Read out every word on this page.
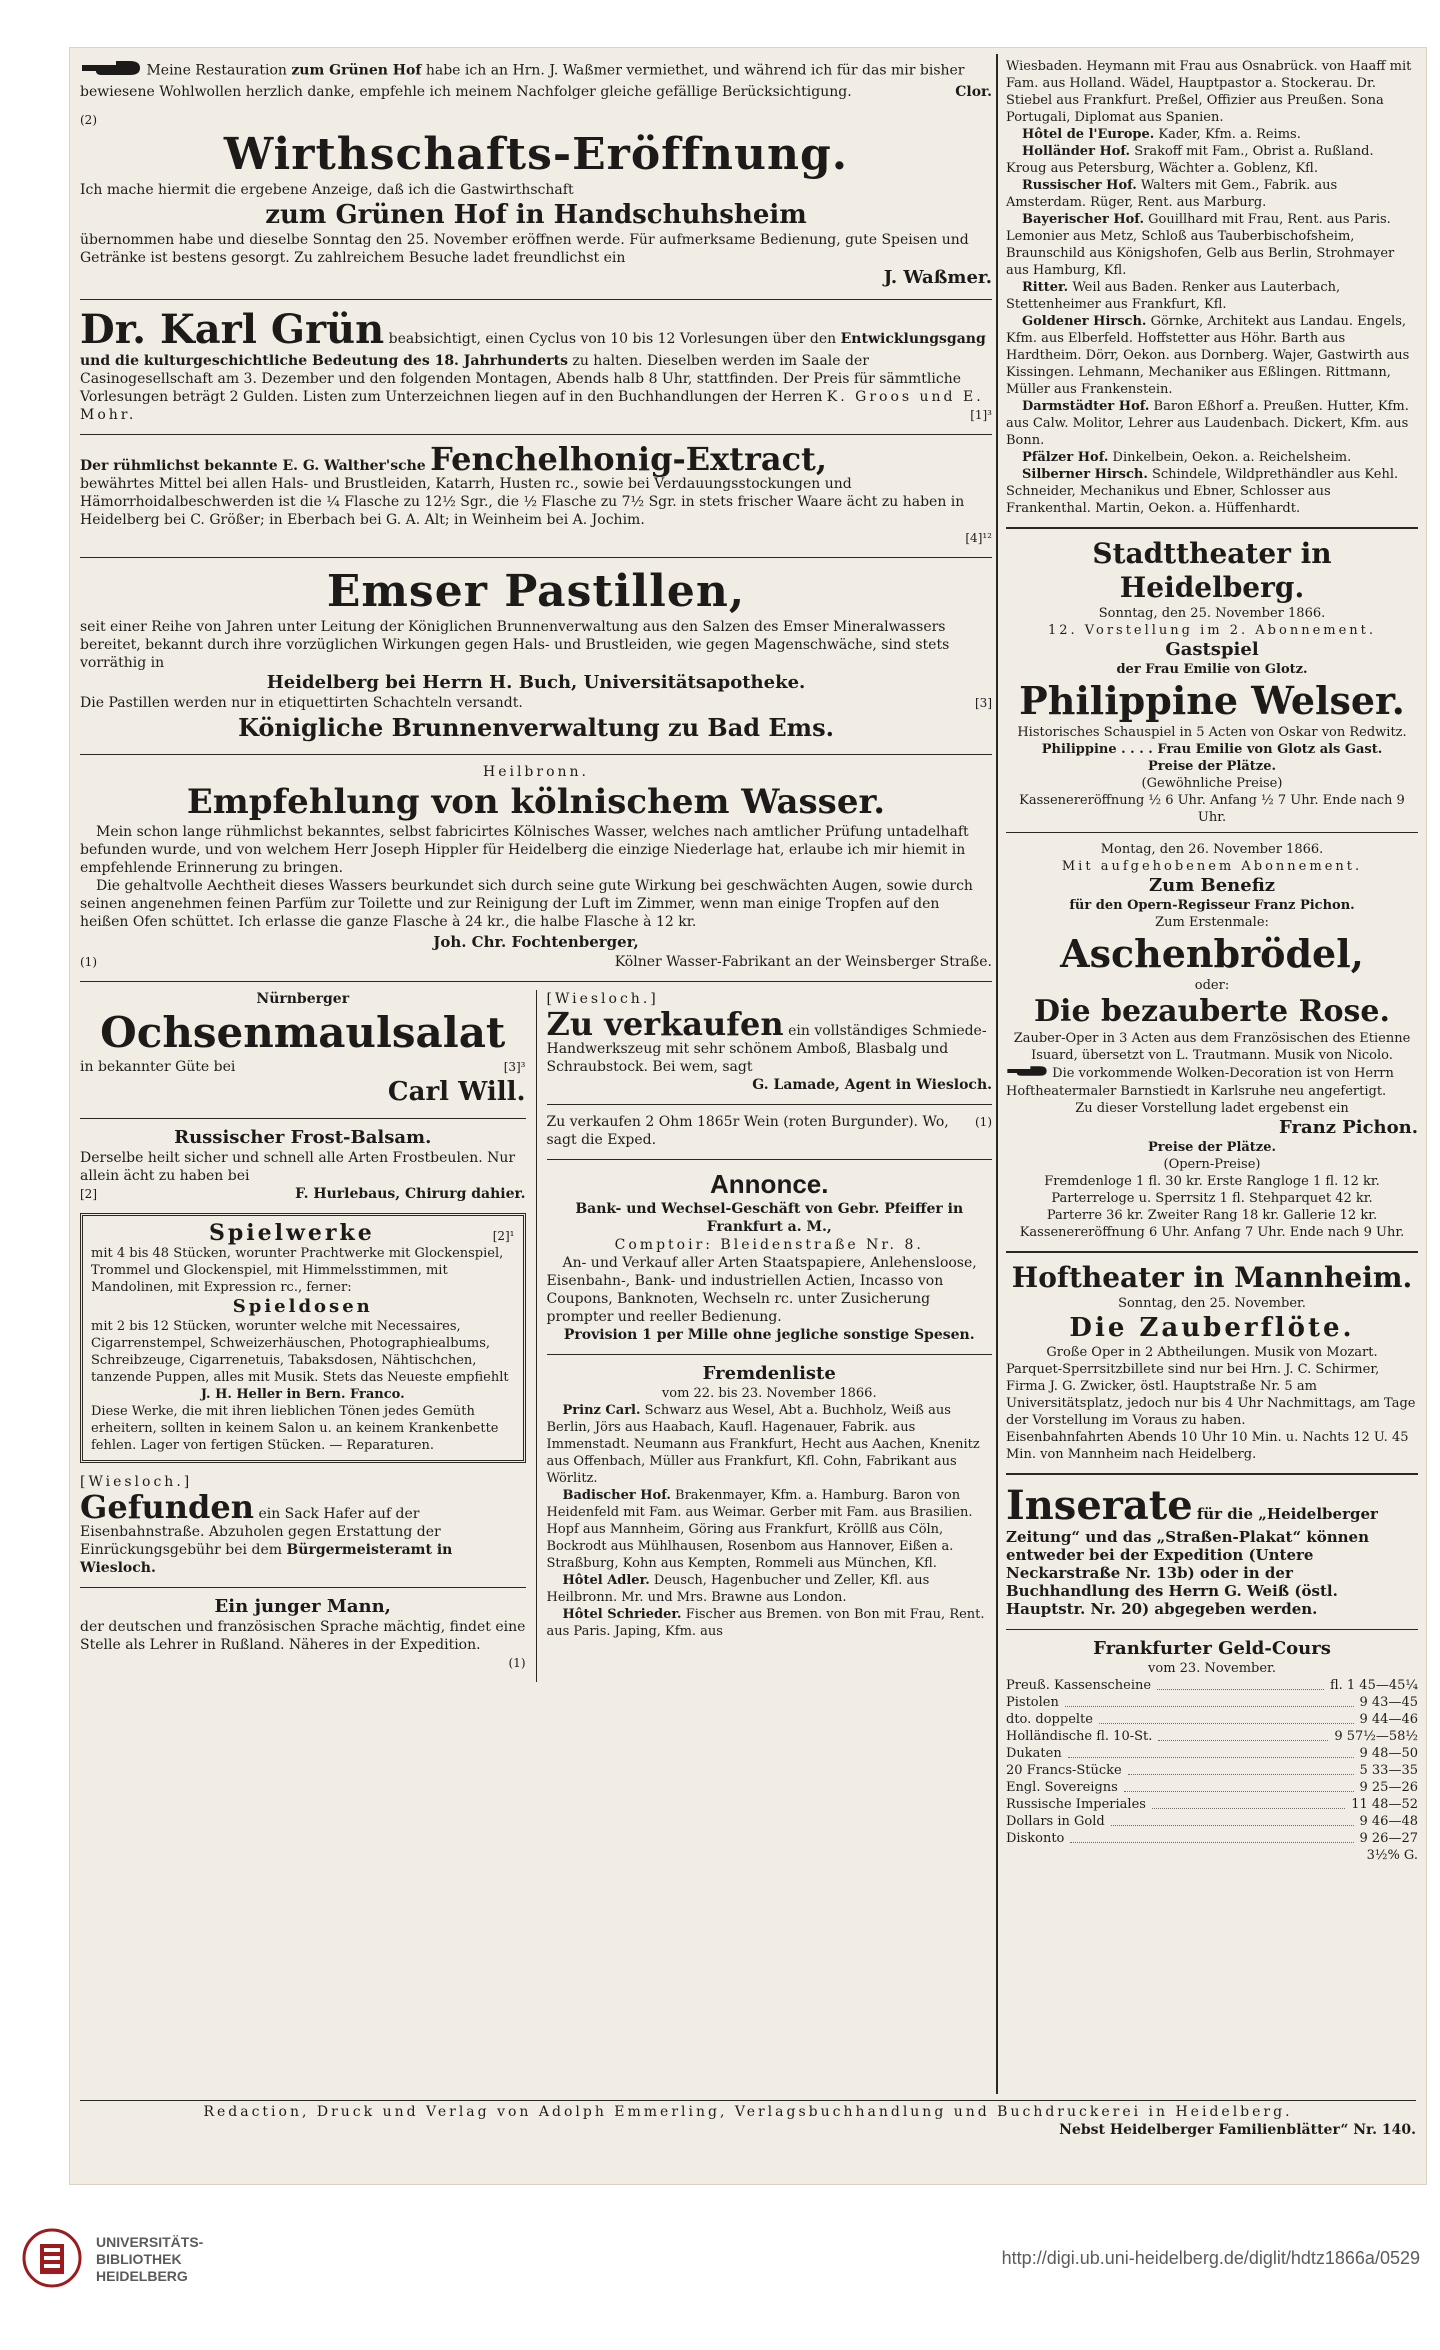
Meine Restauration zum Grünen Hof habe ich an Hrn. J. Waßmer vermiethet, und während ich für das mir bisher bewiesene Wohlwollen herzlich danke, empfehle ich meinem Nachfolger gleiche gefällige Berücksichtigung.	Clor.
(2)
Wirthschafts-Eröffnung.
Ich mache hiermit die ergebene Anzeige, daß ich die Gastwirthschaft
zum Grünen Hof in Handschuhsheim
übernommen habe und dieselbe Sonntag den 25. November eröffnen werde. Für aufmerksame Bedienung, gute Speisen und Getränke ist bestens gesorgt. Zu zahlreichem Besuche ladet freundlichst ein
J. Waßmer.
Dr. Karl Grün beabsichtigt, einen Cyclus von 10 bis 12 Vorlesungen über den Entwicklungsgang und die kulturgeschichtliche Bedeutung des 18. Jahrhunderts zu halten. Dieselben werden im Saale der Casinogesellschaft am 3. Dezember und den folgenden Montagen, Abends halb 8 Uhr, stattfinden. Der Preis für sämmtliche Vorlesungen beträgt 2 Gulden. Listen zum Unterzeichnen liegen auf in den Buchhandlungen der Herren K. Groos und E. Mohr.	[1]³
Der rühmlichst bekannte E. G. Walther'sche Fenchelhonig-Extract,
bewährtes Mittel bei allen Hals- und Brustleiden, Katarrh, Husten rc., sowie bei Verdauungsstockungen und Hämorrhoidalbeschwerden ist die ¼ Flasche zu 12½ Sgr., die ½ Flasche zu 7½ Sgr. in stets frischer Waare ächt zu haben in Heidelberg bei C. Größer; in Eberbach bei G. A. Alt; in Weinheim bei A. Jochim.
[4]¹²
Emser Pastillen,
seit einer Reihe von Jahren unter Leitung der Königlichen Brunnenverwaltung aus den Salzen des Emser Mineralwassers bereitet, bekannt durch ihre vorzüglichen Wirkungen gegen Hals- und Brustleiden, wie gegen Magenschwäche, sind stets vorräthig in
Heidelberg bei Herrn H. Buch, Universitätsapotheke.
Die Pastillen werden nur in etiquettirten Schachteln versandt.	[3]
Königliche Brunnenverwaltung zu Bad Ems.
Heilbronn.
Empfehlung von kölnischem Wasser.
Mein schon lange rühmlichst bekanntes, selbst fabricirtes Kölnisches Wasser, welches nach amtlicher Prüfung untadelhaft befunden wurde, und von welchem Herr Joseph Hippler für Heidelberg die einzige Niederlage hat, erlaube ich mir hiemit in empfehlende Erinnerung zu bringen.
Die gehaltvolle Aechtheit dieses Wassers beurkundet sich durch seine gute Wirkung bei geschwächten Augen, sowie durch seinen angenehmen feinen Parfüm zur Toilette und zur Reinigung der Luft im Zimmer, wenn man einige Tropfen auf den heißen Ofen schüttet. Ich erlasse die ganze Flasche à 24 kr., die halbe Flasche à 12 kr.
Joh. Chr. Fochtenberger,
(1)	Kölner Wasser-Fabrikant an der Weinsberger Straße.
Nürnberger
Ochsenmaulsalat
in bekannter Güte bei	[3]³
Carl Will.
Russischer Frost-Balsam.
Derselbe heilt sicher und schnell alle Arten Frostbeulen. Nur allein ächt zu haben bei
[2]	F. Hurlebaus, Chirurg dahier.
Spielwerke	[2]¹
mit 4 bis 48 Stücken, worunter Prachtwerke mit Glockenspiel, Trommel und Glockenspiel, mit Himmelsstimmen, mit Mandolinen, mit Expression rc., ferner:
Spieldosen
mit 2 bis 12 Stücken, worunter welche mit Necessaires, Cigarrenstempel, Schweizerhäuschen, Photographiealbums, Schreibzeuge, Cigarrenetuis, Tabaksdosen, Nähtischchen, tanzende Puppen, alles mit Musik. Stets das Neueste empfiehlt
J. H. Heller in Bern. Franco.
Diese Werke, die mit ihren lieblichen Tönen jedes Gemüth erheitern, sollten in keinem Salon u. an keinem Krankenbette fehlen. Lager von fertigen Stücken. — Reparaturen.
[Wiesloch.]
Gefunden ein Sack Hafer auf der Eisenbahnstraße. Abzuholen gegen Erstattung der Einrückungsgebühr bei dem Bürgermeisteramt in Wiesloch.
Ein junger Mann,
der deutschen und französischen Sprache mächtig, findet eine Stelle als Lehrer in Rußland. Näheres in der Expedition.
(1)
[Wiesloch.]
Zu verkaufen ein vollständiges Schmiede-Handwerkszeug mit sehr schönem Amboß, Blasbalg und Schraubstock. Bei wem, sagt
G. Lamade, Agent in Wiesloch.
Zu verkaufen 2 Ohm 1865r Wein (roten Burgunder). Wo, sagt die Exped.
(1)
Annonce.
Bank- und Wechsel-Geschäft von Gebr. Pfeiffer in Frankfurt a. M.,
Comptoir: Bleidenstraße Nr. 8.
An- und Verkauf aller Arten Staatspapiere, Anlehensloose, Eisenbahn-, Bank- und industriellen Actien, Incasso von Coupons, Banknoten, Wechseln rc. unter Zusicherung prompter und reeller Bedienung.
Provision 1 per Mille ohne jegliche sonstige Spesen.
Fremdenliste
vom 22. bis 23. November 1866.
Prinz Carl. Schwarz aus Wesel, Abt a. Buchholz, Weiß aus Berlin, Jörs aus Haabach, Kaufl. Hagenauer, Fabrik. aus Immenstadt. Neumann aus Frankfurt, Hecht aus Aachen, Knenitz aus Offenbach, Müller aus Frankfurt, Kfl. Cohn, Fabrikant aus Wörlitz.
Badischer Hof. Brakenmayer, Kfm. a. Hamburg. Baron von Heidenfeld mit Fam. aus Weimar. Gerber mit Fam. aus Brasilien. Hopf aus Mannheim, Göring aus Frankfurt, Kröllß aus Cöln, Bockrodt aus Mühlhausen, Rosenbom aus Hannover, Eißen a. Straßburg, Kohn aus Kempten, Rommeli aus München, Kfl.
Hôtel Adler. Deusch, Hagenbucher und Zeller, Kfl. aus Heilbronn. Mr. und Mrs. Brawne aus London.
Hôtel Schrieder. Fischer aus Bremen. von Bon mit Frau, Rent. aus Paris. Japing, Kfm. aus
Wiesbaden. Heymann mit Frau aus Osnabrück. von Haaff mit Fam. aus Holland. Wädel, Hauptpastor a. Stockerau. Dr. Stiebel aus Frankfurt. Preßel, Offizier aus Preußen. Sona Portugali, Diplomat aus Spanien.
Hôtel de l'Europe. Kader, Kfm. a. Reims.
Holländer Hof. Srakoff mit Fam., Obrist a. Rußland. Kroug aus Petersburg, Wächter a. Goblenz, Kfl.
Russischer Hof. Walters mit Gem., Fabrik. aus Amsterdam. Rüger, Rent. aus Marburg.
Bayerischer Hof. Gouillhard mit Frau, Rent. aus Paris. Lemonier aus Metz, Schloß aus Tauberbischofsheim, Braunschild aus Königshofen, Gelb aus Berlin, Strohmayer aus Hamburg, Kfl.
Ritter. Weil aus Baden. Renker aus Lauterbach, Stettenheimer aus Frankfurt, Kfl.
Goldener Hirsch. Görnke, Architekt aus Landau. Engels, Kfm. aus Elberfeld. Hoffstetter aus Höhr. Barth aus Hardtheim. Dörr, Oekon. aus Dornberg. Wajer, Gastwirth aus Kissingen. Lehmann, Mechaniker aus Eßlingen. Rittmann, Müller aus Frankenstein.
Darmstädter Hof. Baron Eßhorf a. Preußen. Hutter, Kfm. aus Calw. Molitor, Lehrer aus Laudenbach. Dickert, Kfm. aus Bonn.
Pfälzer Hof. Dinkelbein, Oekon. a. Reichelsheim.
Silberner Hirsch. Schindele, Wildprethändler aus Kehl. Schneider, Mechanikus und Ebner, Schlosser aus Frankenthal. Martin, Oekon. a. Hüffenhardt.
Stadttheater in Heidelberg.
Sonntag, den 25. November 1866.
12. Vorstellung im 2. Abonnement.
Gastspiel
der Frau Emilie von Glotz.
Philippine Welser.
Historisches Schauspiel in 5 Acten von Oskar von Redwitz.
Philippine . . . . Frau Emilie von Glotz als Gast.
Preise der Plätze.
(Gewöhnliche Preise)
Kassenereröffnung ½ 6 Uhr. Anfang ½ 7 Uhr. Ende nach 9 Uhr.
Montag, den 26. November 1866.
Mit aufgehobenem Abonnement.
Zum Benefiz
für den Opern-Regisseur Franz Pichon.
Zum Erstenmale:
Aschenbrödel,
oder:
Die bezauberte Rose.
Zauber-Oper in 3 Acten aus dem Französischen des Etienne Isuard, übersetzt von L. Trautmann. Musik von Nicolo.
Die vorkommende Wolken-Decoration ist von Herrn Hoftheatermaler Barnstiedt in Karlsruhe neu angefertigt.
Zu dieser Vorstellung ladet ergebenst ein
Franz Pichon.
Preise der Plätze.
(Opern-Preise)
Fremdenloge 1 fl. 30 kr. Erste Rangloge 1 fl. 12 kr.
Parterreloge u. Sperrsitz 1 fl. Stehparquet 42 kr.
Parterre 36 kr. Zweiter Rang 18 kr. Gallerie 12 kr.
Kassenereröffnung 6 Uhr. Anfang 7 Uhr. Ende nach 9 Uhr.
Hoftheater in Mannheim.
Sonntag, den 25. November.
Die Zauberflöte.
Große Oper in 2 Abtheilungen. Musik von Mozart.
Parquet-Sperrsitzbillete sind nur bei Hrn. J. C. Schirmer, Firma J. G. Zwicker, östl. Hauptstraße Nr. 5 am Universitätsplatz, jedoch nur bis 4 Uhr Nachmittags, am Tage der Vorstellung im Voraus zu haben.
Eisenbahnfahrten Abends 10 Uhr 10 Min. u. Nachts 12 U. 45 Min. von Mannheim nach Heidelberg.
Inserate für die „Heidelberger Zeitung“ und das „Straßen-Plakat“ können entweder bei der Expedition (Untere Neckarstraße Nr. 13b) oder in der Buchhandlung des Herrn G. Weiß (östl. Hauptstr. Nr. 20) abgegeben werden.
Frankfurter Geld-Cours
vom 23. November.
Preuß. Kassenscheine	fl. 1 45—45¼
Pistolen	9 43—45
dto. doppelte	9 44—46
Holländische fl. 10-St.	9 57½—58½
Dukaten	9 48—50
20 Francs-Stücke	5 33—35
Engl. Sovereigns	9 25—26
Russische Imperiales	11 48—52
Dollars in Gold	9 46—48
Diskonto	9 26—27
3½% G.
Redaction, Druck und Verlag von Adolph Emmerling, Verlagsbuchhandlung und Buchdruckerei in Heidelberg.
Nebst Heidelberger Familienblätter“ Nr. 140.
UNIVERSITÄTS-
BIBLIOTHEK
HEIDELBERG
http://digi.ub.uni-heidelberg.de/diglit/hdtz1866a/0529
